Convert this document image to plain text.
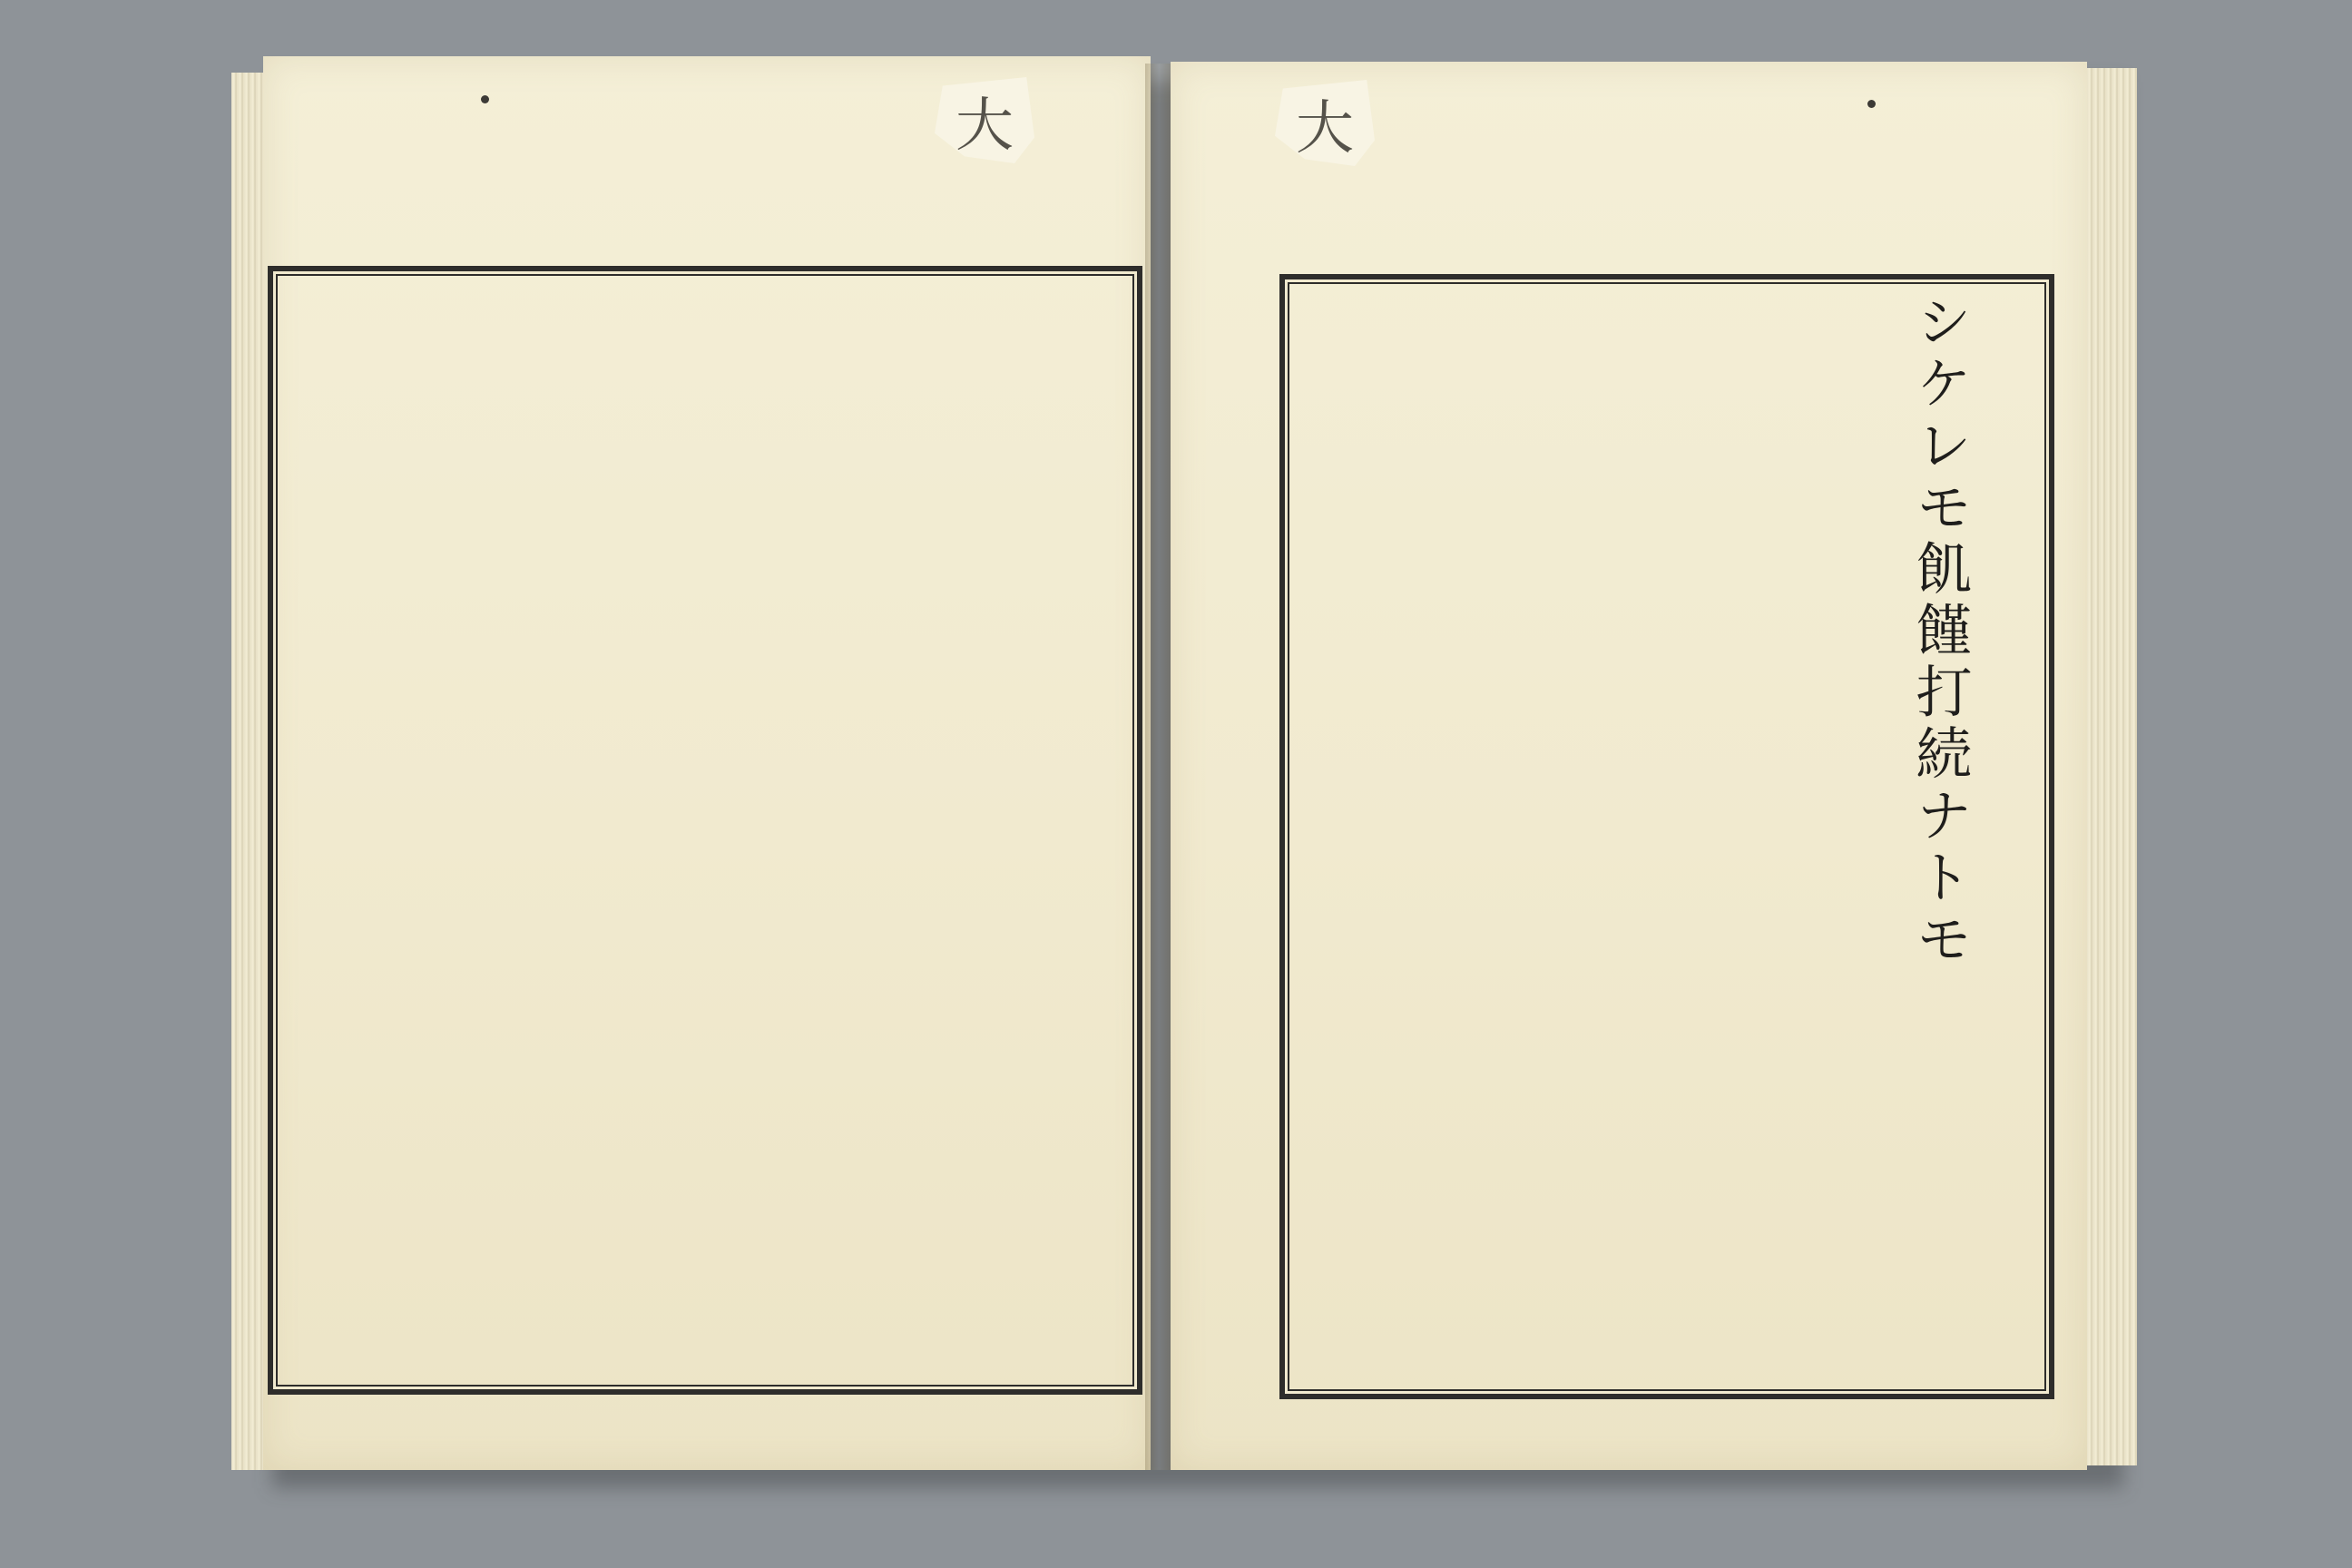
大	大
シケレモ飢饉打続ナトモ
